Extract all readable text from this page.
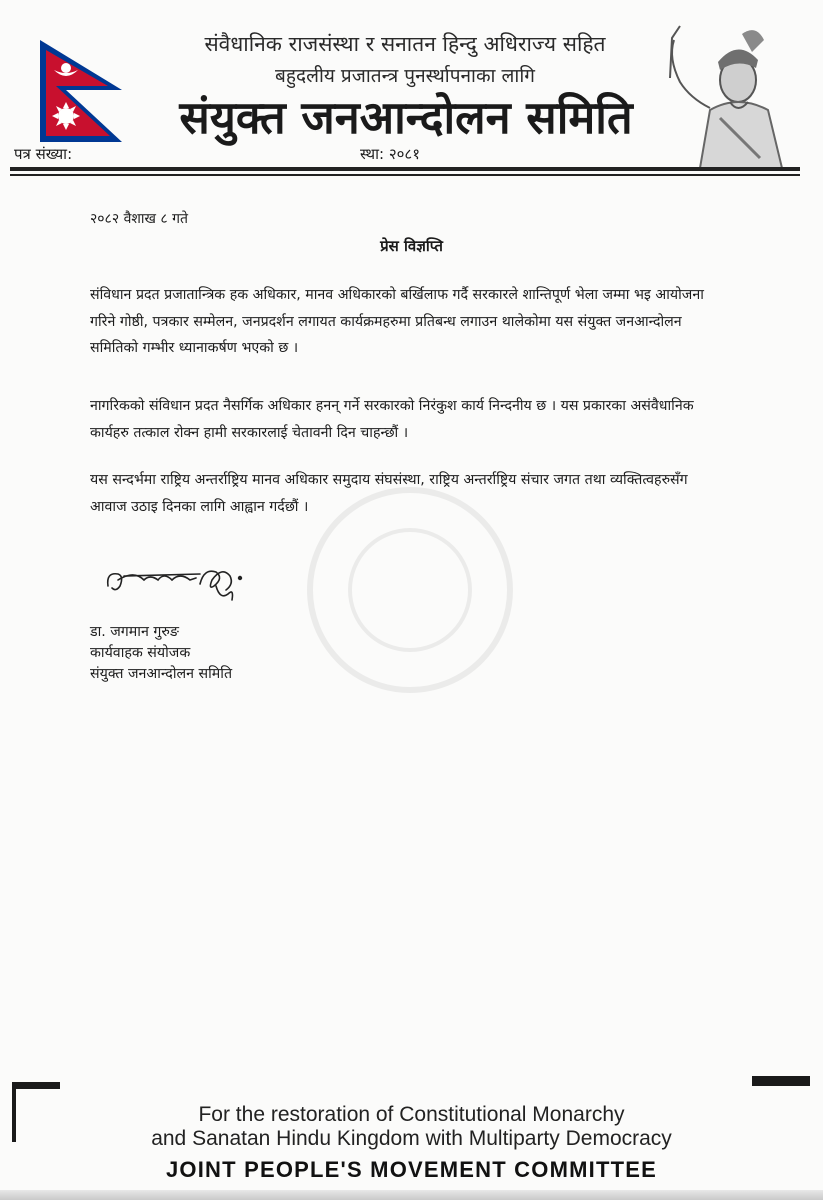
संवैधानिक राजसंस्था र सनातन हिन्दु अधिराज्य सहित
बहुदलीय प्रजातन्त्र पुनर्स्थापनाका लागि
संयुक्त जनआन्दोलन समिति
पत्र संख्या:	स्था: २०८१
२०८२ वैशाख ८ गते
प्रेस विज्ञप्ति
संविधान प्रदत प्रजातान्त्रिक हक अधिकार, मानव अधिकारको बर्खिलाफ गर्दै सरकारले शान्तिपूर्ण भेला जम्मा भइ आयोजना गरिने गोष्ठी, पत्रकार सम्मेलन, जनप्रदर्शन लगायत कार्यक्रमहरुमा प्रतिबन्ध लगाउन थालेकोमा यस संयुक्त जनआन्दोलन समितिको गम्भीर ध्यानाकर्षण भएको छ ।
नागरिकको संविधान प्रदत नैसर्गिक अधिकार हनन् गर्ने सरकारको निरंकुश कार्य निन्दनीय छ । यस प्रकारका असंवैधानिक कार्यहरु तत्काल रोक्न हामी सरकारलाई चेतावनी दिन चाहन्छौं ।
यस सन्दर्भमा राष्ट्रिय अन्तर्राष्ट्रिय मानव अधिकार समुदाय संघसंस्था, राष्ट्रिय अन्तर्राष्ट्रिय संचार जगत तथा व्यक्तित्वहरुसँग आवाज उठाइ दिनका लागि आह्वान गर्दछौं ।
डा. जगमान गुरुङ
कार्यवाहक संयोजक
संयुक्त जनआन्दोलन समिति
For the restoration of Constitutional Monarchy
and Sanatan Hindu Kingdom with Multiparty Democracy
JOINT PEOPLE'S MOVEMENT COMMITTEE
